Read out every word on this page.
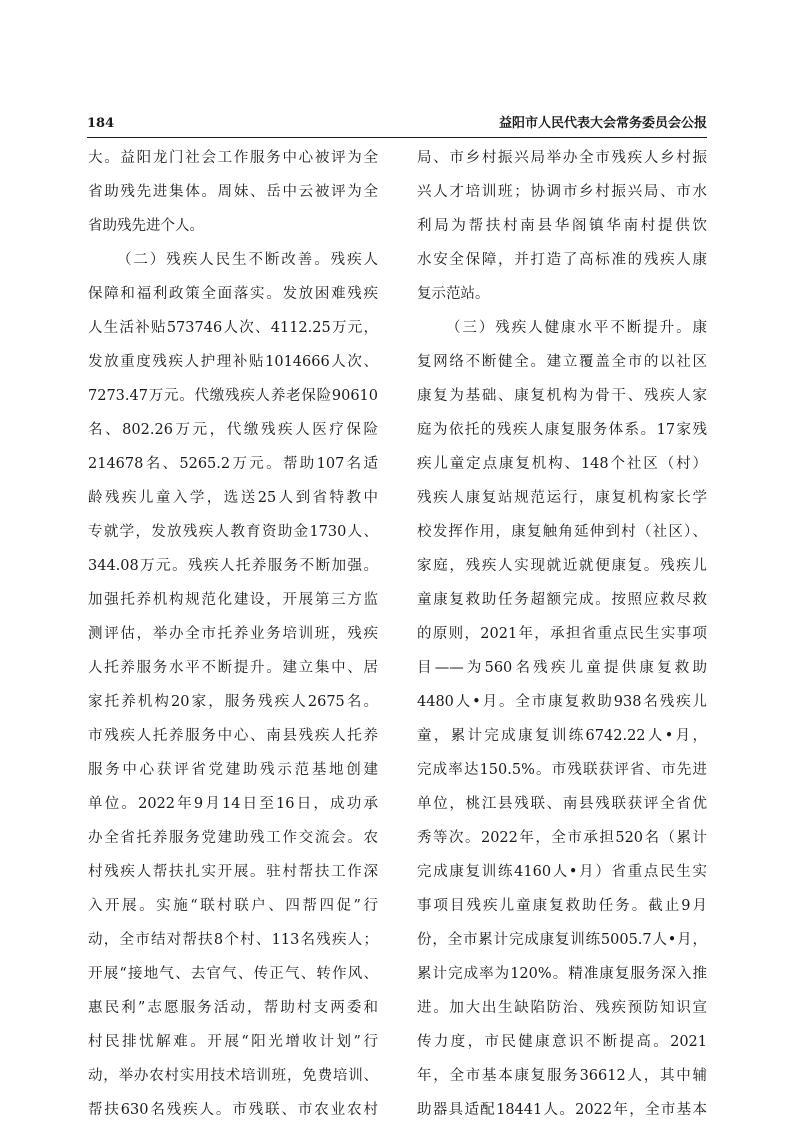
184	益阳市人民代表大会常务委员会公报
大。益阳龙门社会工作服务中心被评为全
省助残先进集体。周妹、岳中云被评为全
省助残先进个人。
（二）残疾人民生不断改善。残疾人
保障和福利政策全面落实。发放困难残疾
人生活补贴573746人次、4112.25万元，
发放重度残疾人护理补贴1014666人次、
7273.47万元。代缴残疾人养老保险90610
名、802.26万元，代缴残疾人医疗保险
214678名、5265.2万元。帮助107名适
龄残疾儿童入学，选送25人到省特教中
专就学，发放残疾人教育资助金1730人、
344.08万元。残疾人托养服务不断加强。
加强托养机构规范化建设，开展第三方监
测评估，举办全市托养业务培训班，残疾
人托养服务水平不断提升。建立集中、居
家托养机构20家，服务残疾人2675名。
市残疾人托养服务中心、南县残疾人托养
服务中心获评省党建助残示范基地创建
单位。2022年9月14日至16日，成功承
办全省托养服务党建助残工作交流会。农
村残疾人帮扶扎实开展。驻村帮扶工作深
入开展。实施“联村联户、四帮四促”行
动，全市结对帮扶8个村、113名残疾人；
开展“接地气、去官气、传正气、转作风、
惠民利”志愿服务活动，帮助村支两委和
村民排忧解难。开展“阳光增收计划”行
动，举办农村实用技术培训班，免费培训、
帮扶630名残疾人。市残联、市农业农村
局、市乡村振兴局举办全市残疾人乡村振
兴人才培训班；协调市乡村振兴局、市水
利局为帮扶村南县华阁镇华南村提供饮
水安全保障，并打造了高标准的残疾人康
复示范站。
（三）残疾人健康水平不断提升。康
复网络不断健全。建立覆盖全市的以社区
康复为基础、康复机构为骨干、残疾人家
庭为依托的残疾人康复服务体系。17家残
疾儿童定点康复机构、148个社区（村）
残疾人康复站规范运行，康复机构家长学
校发挥作用，康复触角延伸到村（社区）、
家庭，残疾人实现就近就便康复。残疾儿
童康复救助任务超额完成。按照应救尽救
的原则，2021年，承担省重点民生实事项
目——为560名残疾儿童提供康复救助
4480人•月。全市康复救助938名残疾儿
童，累计完成康复训练6742.22人•月，
完成率达150.5%。市残联获评省、市先进
单位，桃江县残联、南县残联获评全省优
秀等次。2022年，全市承担520名（累计
完成康复训练4160人•月）省重点民生实
事项目残疾儿童康复救助任务。截止9月
份，全市累计完成康复训练5005.7人•月，
累计完成率为120%。精准康复服务深入推
进。加大出生缺陷防治、残疾预防知识宣
传力度，市民健康意识不断提高。2021
年，全市基本康复服务36612人，其中辅
助器具适配18441人。2022年，全市基本
